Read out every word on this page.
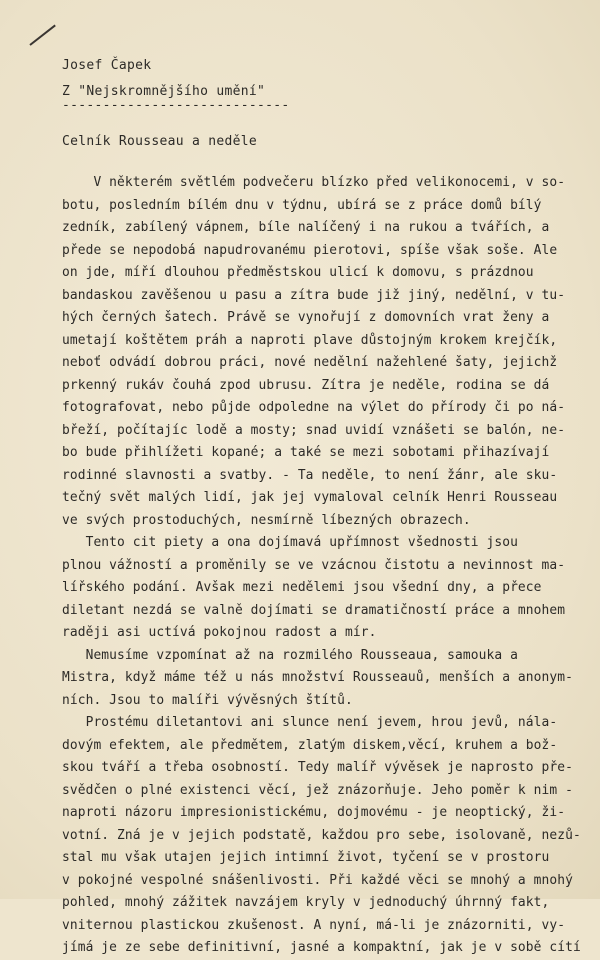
Josef Čapek
Z "Nejskromnějšího umění"
----------------------------
Celník Rousseau a neděle
V některém světlém podvečeru blízko před velikonocemi, v so-
botu, posledním bílém dnu v týdnu, ubírá se z práce domů bílý
zedník, zabílený vápnem, bíle nalíčený i na rukou a tvářích, a
přede se nepodobá napudrovanému pierotovi, spíše však soše. Ale
on jde, míří dlouhou předměstskou ulicí k domovu, s prázdnou
bandaskou zavěšenou u pasu a zítra bude již jiný, nedělní, v tu-
hých černých šatech. Právě se vynořují z domovních vrat ženy a
umetají koštětem práh a naproti plave důstojným krokem krejčík,
neboť odvádí dobrou práci, nové nedělní nažehlené šaty, jejichž
prkenný rukáv čouhá zpod ubrusu. Zítra je neděle, rodina se dá
fotografovat, nebo půjde odpoledne na výlet do přírody či po ná-
břeží, počítajíc lodě a mosty; snad uvidí vznášeti se balón, ne-
bo bude přihlížeti kopané; a také se mezi sobotami přihazívají
rodinné slavnosti a svatby. - Ta neděle, to není žánr, ale sku-
tečný svět malých lidí, jak jej vymaloval celník Henri Rousseau
ve svých prostoduchých, nesmírně líbezných obrazech.
Tento cit piety a ona dojímavá upřímnost všednosti jsou
plnou vážností a proměnily se ve vzácnou čistotu a nevinnost ma-
lířského podání. Avšak mezi nedělemi jsou všední dny, a přece
diletant nezdá se valně dojímati se dramatičností práce a mnohem
raději asi uctívá pokojnou radost a mír.
Nemusíme vzpomínat až na rozmilého Rousseaua, samouka a
Mistra, když máme též u nás množství Rousseauů, menších a anonym-
ních. Jsou to malíři vývěsných štítů.
Prostému diletantovi ani slunce není jevem, hrou jevů, nála-
dovým efektem, ale předmětem, zlatým diskem,věcí, kruhem a bož-
skou tváří a třeba osobností. Tedy malíř vývěsek je naprosto pře-
svědčen o plné existenci věcí, jež znázorňuje. Jeho poměr k nim -
naproti názoru impresionistickému, dojmovému - je neoptický, ži-
votní. Zná je v jejich podstatě, každou pro sebe, isolovaně, nezů-
stal mu však utajen jejich intimní život, tyčení se v prostoru
v pokojné vespolné snášenlivosti. Při každé věci se mnohý a mnohý
pohled, mnohý zážitek navzájem kryly v jednoduchý úhrnný fakt,
vniternou plastickou zkušenost. A nyní, má-li je znázorniti, vy-
jímá je ze sebe definitivní, jasné a kompaktní, jak je v sobě cítí
